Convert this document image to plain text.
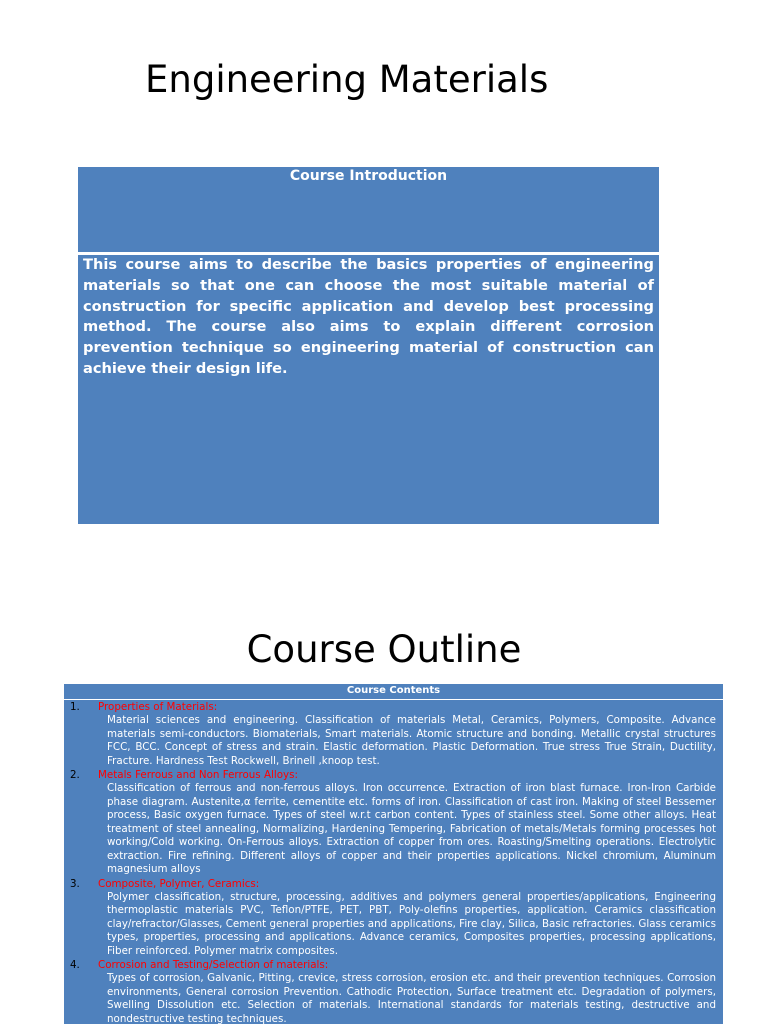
Engineering Materials
Course Introduction
This course aims to describe the basics properties of engineering materials so that one can choose the most suitable material of construction for specific application and develop best processing method. The course also aims to explain different corrosion prevention technique so engineering material of construction can achieve their design life.
Course Outline
Course Contents
1. Properties of Materials:
Material sciences and engineering. Classification of materials Metal, Ceramics, Polymers, Composite. Advance materials semi-conductors. Biomaterials, Smart materials. Atomic structure and bonding. Metallic crystal structures FCC, BCC. Concept of stress and strain. Elastic deformation. Plastic Deformation. True stress True Strain, Ductility, Fracture. Hardness Test Rockwell, Brinell ,knoop test.
2. Metals Ferrous and Non Ferrous Alloys:
Classification of ferrous and non-ferrous alloys. Iron occurrence. Extraction of iron blast furnace. Iron-Iron Carbide phase diagram. Austenite,α ferrite, cementite etc. forms of iron. Classification of cast iron. Making of steel Bessemer process, Basic oxygen furnace. Types of steel w.r.t carbon content. Types of stainless steel. Some other alloys. Heat treatment of steel annealing, Normalizing, Hardening Tempering, Fabrication of metals/Metals forming processes hot working/Cold working. On-Ferrous alloys. Extraction of copper from ores. Roasting/Smelting operations. Electrolytic extraction. Fire refining. Different alloys of copper and their properties applications. Nickel chromium, Aluminum magnesium alloys
3. Composite, Polymer, Ceramics:
Polymer classification, structure, processing, additives and polymers general properties/applications, Engineering thermoplastic materials PVC, Teflon/PTFE, PET, PBT, Poly-olefins properties, application. Ceramics classification clay/refractor/Glasses, Cement general properties and applications, Fire clay, Silica, Basic refractories. Glass ceramics types, properties, processing and applications. Advance ceramics, Composites properties, processing applications, Fiber reinforced. Polymer matrix composites.
4. Corrosion and Testing/Selection of materials:
Types of corrosion, Galvanic, Pitting, crevice, stress corrosion, erosion etc. and their prevention techniques. Corrosion environments, General corrosion Prevention. Cathodic Protection, Surface treatment etc. Degradation of polymers, Swelling Dissolution etc. Selection of materials. International standards for materials testing, destructive and nondestructive testing techniques.
